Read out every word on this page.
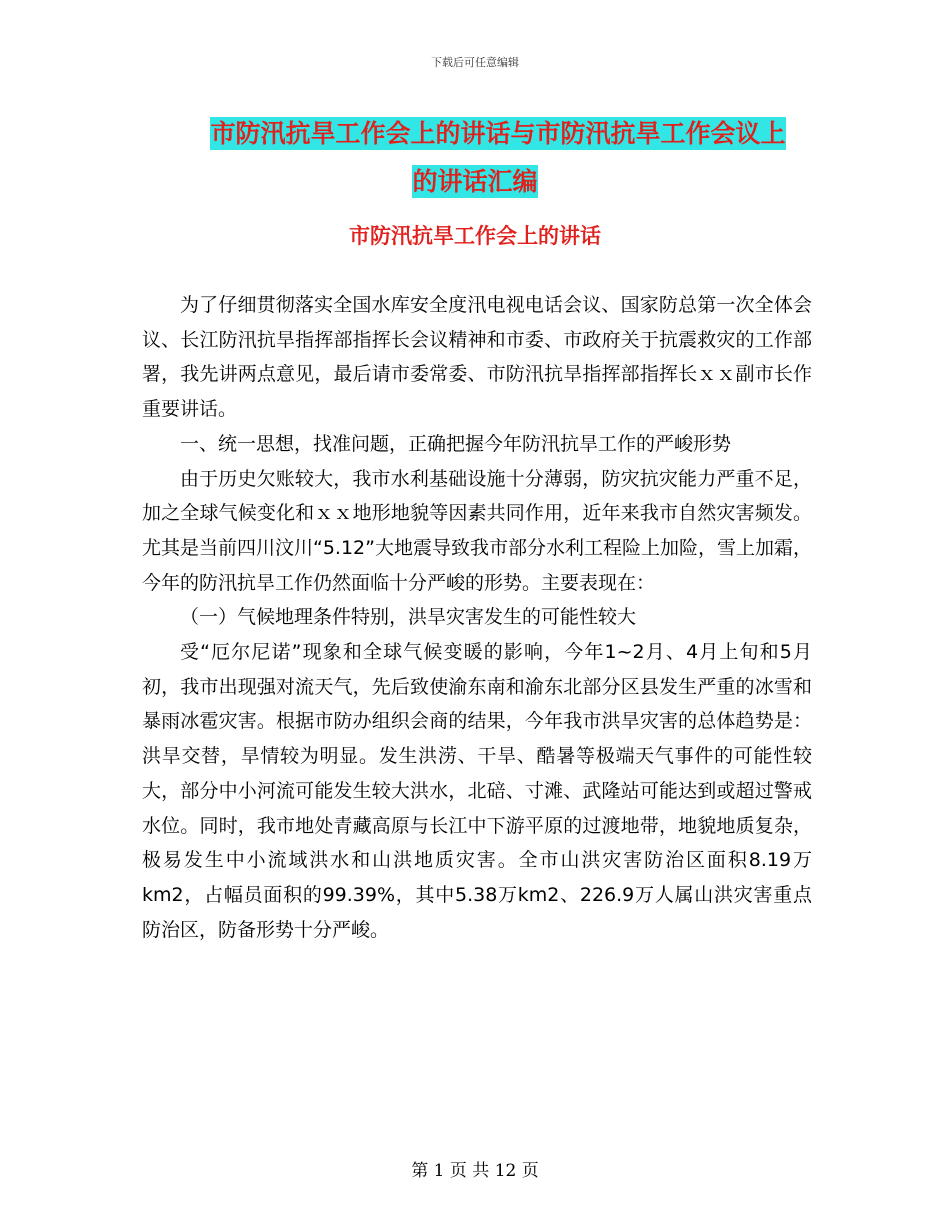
下载后可任意编辑
市防汛抗旱工作会上的讲话与市防汛抗旱工作会议上
的讲话汇编
市防汛抗旱工作会上的讲话

为了仔细贯彻落实全国水库安全度汛电视电话会议、国家防总第一次全体会议、长江防汛抗旱指挥部指挥长会议精神和市委、市政府关于抗震救灾的工作部署，我先讲两点意见，最后请市委常委、市防汛抗旱指挥部指挥长ｘｘ副市长作重要讲话。

一、统一思想，找准问题，正确把握今年防汛抗旱工作的严峻形势

由于历史欠账较大，我市水利基础设施十分薄弱，防灾抗灾能力严重不足，加之全球气候变化和ｘｘ地形地貌等因素共同作用，近年来我市自然灾害频发。尤其是当前四川汶川“5.12”大地震导致我市部分水利工程险上加险，雪上加霜，今年的防汛抗旱工作仍然面临十分严峻的形势。主要表现在：

（一）气候地理条件特别，洪旱灾害发生的可能性较大

受“厄尔尼诺”现象和全球气候变暖的影响，今年1~2月、4月上旬和5月初，我市出现强对流天气，先后致使渝东南和渝东北部分区县发生严重的冰雪和暴雨冰雹灾害。根据市防办组织会商的结果，今年我市洪旱灾害的总体趋势是：洪旱交替，旱情较为明显。发生洪涝、干旱、酷暑等极端天气事件的可能性较大，部分中小河流可能发生较大洪水，北碚、寸滩、武隆站可能达到或超过警戒水位。同时，我市地处青藏高原与长江中下游平原的过渡地带，地貌地质复杂，极易发生中小流域洪水和山洪地质灾害。全市山洪灾害防治区面积8.19万km2，占幅员面积的99.39%，其中5.38万km2、226.9万人属山洪灾害重点防治区，防备形势十分严峻。

第 1 页 共 12 页
